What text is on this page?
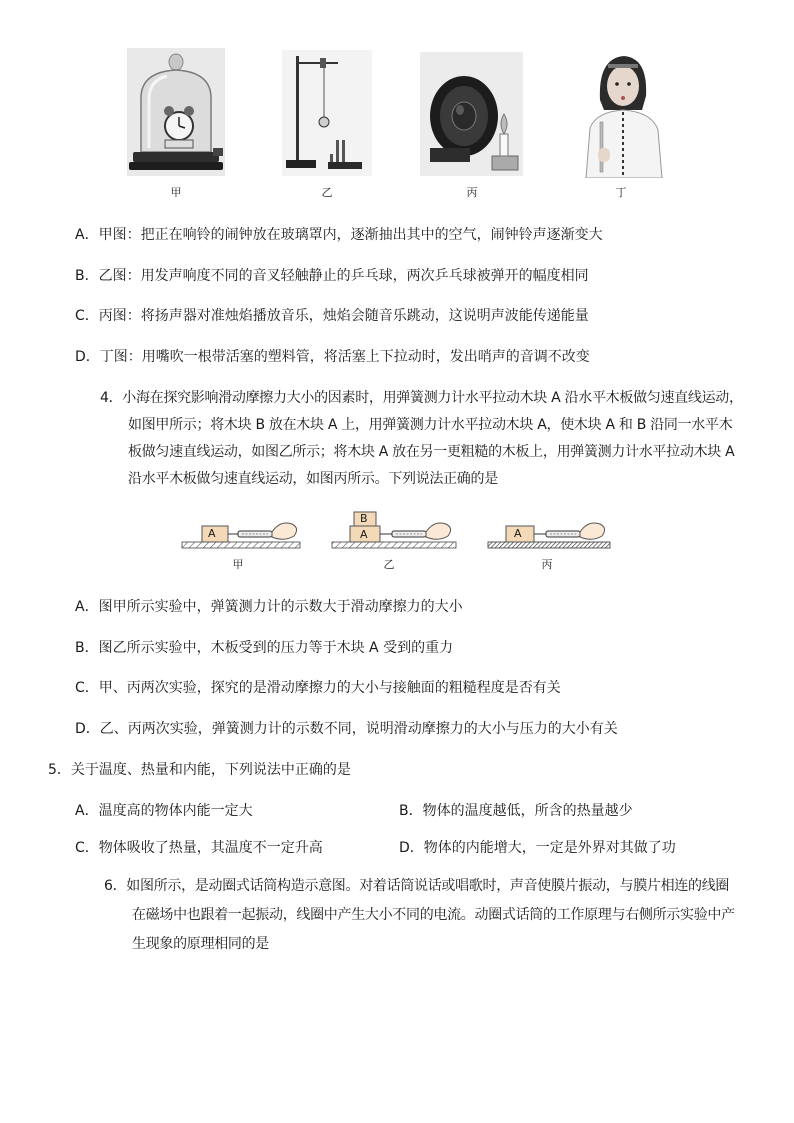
甲	乙	丙	丁
A．甲图：把正在响铃的闹钟放在玻璃罩内，逐渐抽出其中的空气，闹钟铃声逐渐变大
B．乙图：用发声响度不同的音叉轻触静止的乒乓球，两次乒乓球被弹开的幅度相同
C．丙图：将扬声器对准烛焰播放音乐，烛焰会随音乐跳动，这说明声波能传递能量
D．丁图：用嘴吹一根带活塞的塑料管，将活塞上下拉动时，发出哨声的音调不改变
4．小海在探究影响滑动摩擦力大小的因素时，用弹簧测力计水平拉动木块 A 沿水平木板做匀速直线运动，
如图甲所示；将木块 B 放在木块 A 上，用弹簧测力计水平拉动木块 A，使木块 A 和 B 沿同一水平木
板做匀速直线运动，如图乙所示；将木块 A 放在另一更粗糙的木板上，用弹簧测力计水平拉动木块 A
沿水平木板做匀速直线运动，如图丙所示。下列说法正确的是
A
甲
B
A
乙
A
丙
A．图甲所示实验中，弹簧测力计的示数大于滑动摩擦力的大小
B．图乙所示实验中，木板受到的压力等于木块 A 受到的重力
C．甲、丙两次实验，探究的是滑动摩擦力的大小与接触面的粗糙程度是否有关
D．乙、丙两次实验，弹簧测力计的示数不同，说明滑动摩擦力的大小与压力的大小有关
5．关于温度、热量和内能，下列说法中正确的是
A．温度高的物体内能一定大	B．物体的温度越低，所含的热量越少
C．物体吸收了热量，其温度不一定升高	D．物体的内能增大，一定是外界对其做了功
6．如图所示，是动圈式话筒构造示意图。对着话筒说话或唱歌时，声音使膜片振动，与膜片相连的线圈
在磁场中也跟着一起振动，线圈中产生大小不同的电流。动圈式话筒的工作原理与右侧所示实验中产
生现象的原理相同的是
